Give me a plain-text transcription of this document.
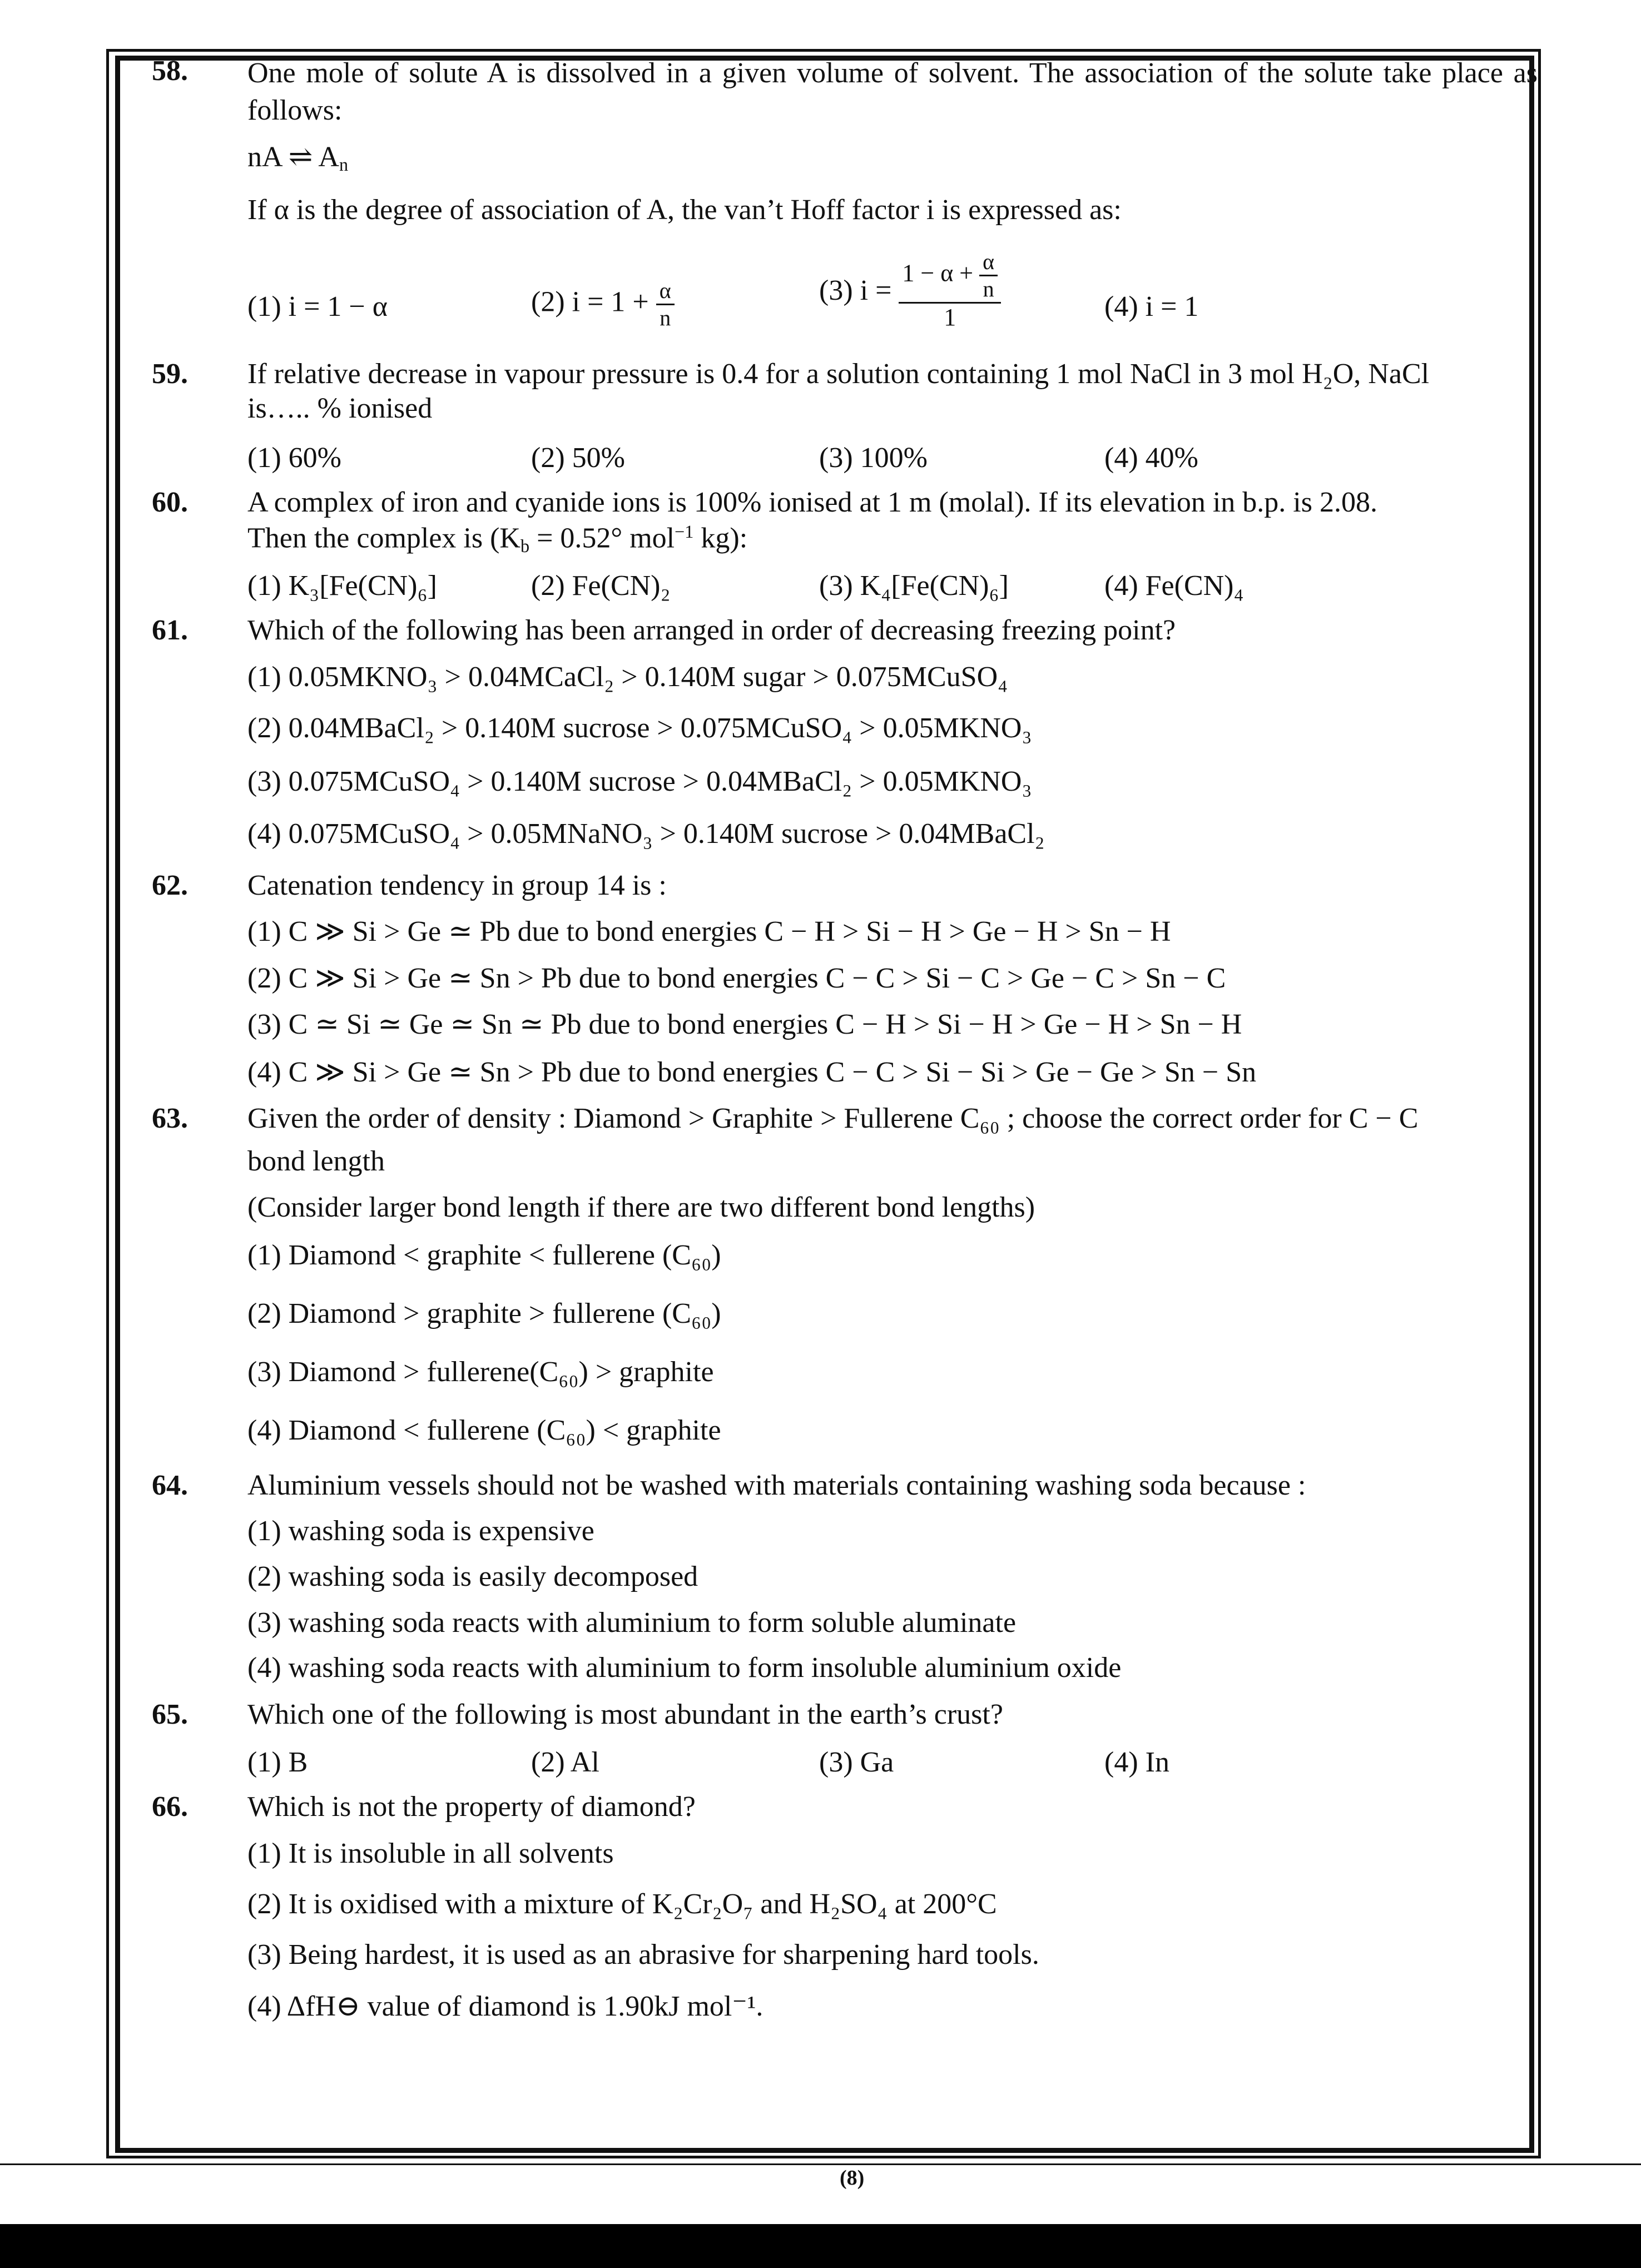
58. One mole of solute A is dissolved in a given volume of solvent. The association of the solute take place as follows:
nA ⇌ $A_n$
If α is the degree of association of A, the van’t Hoff factor i is expressed as:
(1) i = 1 − α	(2) $i = 1 + \frac{\alpha}{n}$	(3) $i = \frac{1 - \alpha + \frac{\alpha}{n}}{1}$	(4) i = 1
59. If relative decrease in vapour pressure is 0.4 for a solution containing 1 mol NaCl in 3 mol H₂O, NaCl
is….. % ionised
(1) 60%	(2) 50%	(3) 100%	(4) 40%
60. A complex of iron and cyanide ions is 100% ionised at 1 m (molal). If its elevation in b.p. is 2.08.
Then the complex is ($K_b = 0.52^\circ$ mol$^{-1}$ kg):
(1) K₃[Fe(CN)₆]	(2) Fe(CN)₂	(3) K₄[Fe(CN)₆]	(4) Fe(CN)₄
61. Which of the following has been arranged in order of decreasing freezing point?
(1) 0.05MKNO₃ > 0.04MCaCl₂ > 0.140M sugar > 0.075MCuSO₄
(2) 0.04MBaCl₂ > 0.140M sucrose > 0.075MCuSO₄ > 0.05MKNO₃
(3) 0.075MCuSO₄ > 0.140M sucrose > 0.04MBaCl₂ > 0.05MKNO₃
(4) 0.075MCuSO₄ > 0.05MNaNO₃ > 0.140M sucrose > 0.04MBaCl₂
62. Catenation tendency in group 14 is :
(1) C ≫ Si > Ge ≃ Pb due to bond energies C − H > Si − H > Ge − H > Sn − H
(2) C ≫ Si > Ge ≃ Sn > Pb due to bond energies C − C > Si − C > Ge − C > Sn − C
(3) C ≃ Si ≃ Ge ≃ Sn ≃ Pb due to bond energies C − H > Si − H > Ge − H > Sn − H
(4) C ≫ Si > Ge ≃ Sn > Pb due to bond energies C − C > Si − Si > Ge − Ge > Sn − Sn
63. Given the order of density : Diamond > Graphite > Fullerene C₆₀ ; choose the correct order for C − C
bond length
(Consider larger bond length if there are two different bond lengths)
(1) Diamond < graphite < fullerene (C₆₀)
(2) Diamond > graphite > fullerene (C₆₀)
(3) Diamond > fullerene(C₆₀) > graphite
(4) Diamond < fullerene (C₆₀) < graphite
64. Aluminium vessels should not be washed with materials containing washing soda because :
(1) washing soda is expensive
(2) washing soda is easily decomposed
(3) washing soda reacts with aluminium to form soluble aluminate
(4) washing soda reacts with aluminium to form insoluble aluminium oxide
65. Which one of the following is most abundant in the earth’s crust?
(1) B	(2) Al	(3) Ga	(4) In
66. Which is not the property of diamond?
(1) It is insoluble in all solvents
(2) It is oxidised with a mixture of K₂Cr₂O₇ and H₂SO₄ at 200°C
(3) Being hardest, it is used as an abrasive for sharpening hard tools.
(4) ΔfH⊖ value of diamond is 1.90kJ mol⁻¹.
(8)
